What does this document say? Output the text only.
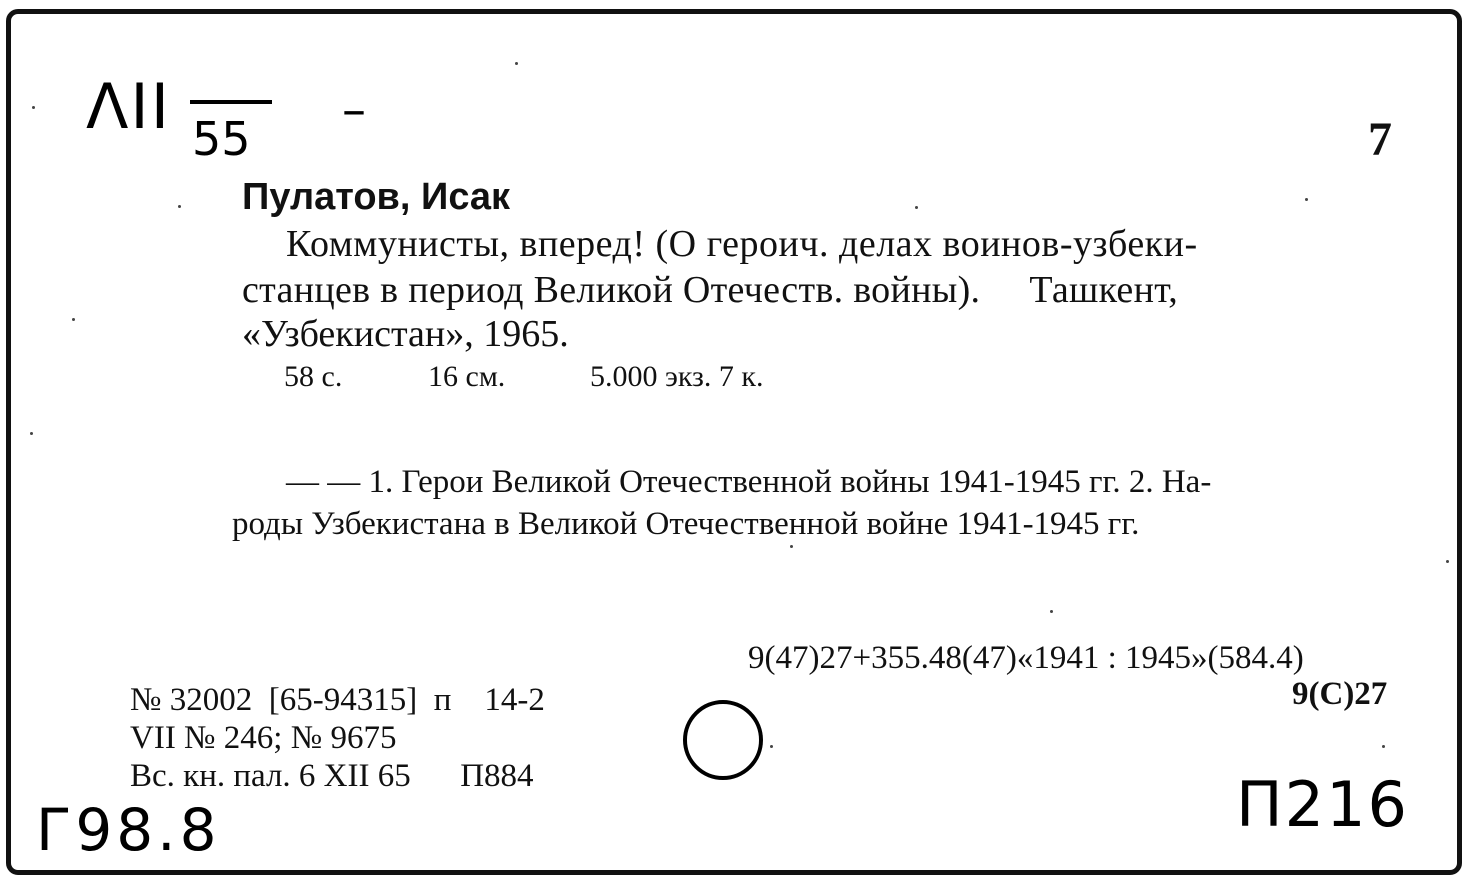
ΛII 55
–
7
Пулатов, Исак
Коммунисты, вперед! (О героич. делах воинов-узбеки-
станцев в период Великой Отечеств. войны).     Ташкент,
«Узбекистан», 1965.
58 с.	16 см.	5.000 экз. 7 к.
— — 1. Герои Великой Отечественной войны 1941-1945 гг. 2. На-
роды Узбекистана в Великой Отечественной войне 1941-1945 гг.
9(47)27+355.48(47)«1941 : 1945»(584.4)
9(С)27
№ 32002  [65-94315]  п    14-2
VII № 246; № 9675
Вс. кн. пал. 6 XII 65      П884
Г98.8	П216
